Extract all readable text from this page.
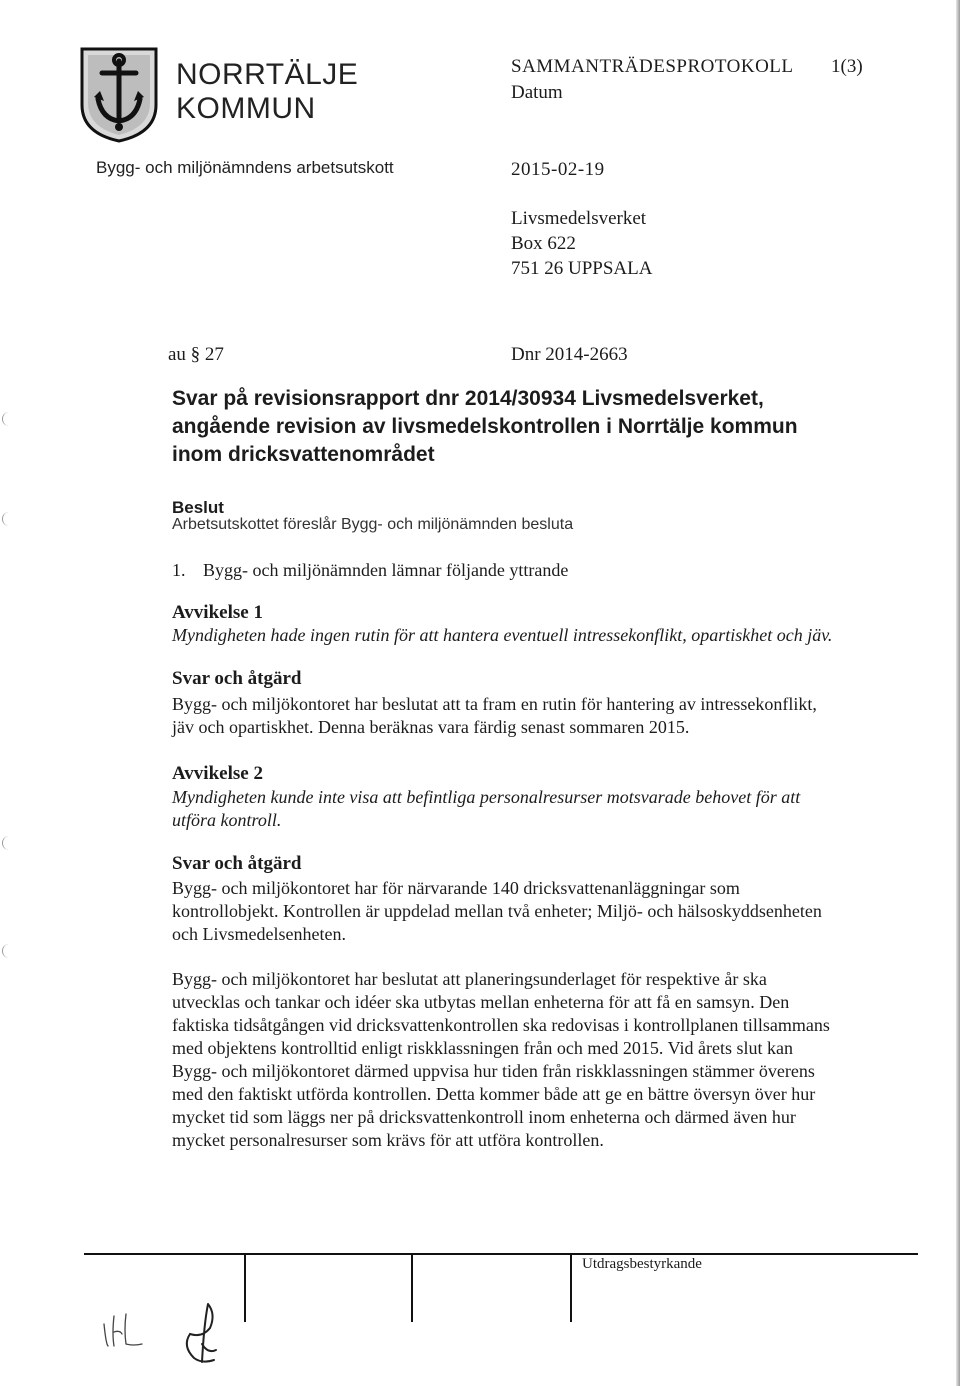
NORRTÄLJE
KOMMUN
Bygg- och miljönämndens arbetsutskott
SAMMANTRÄDESPROTOKOLL 1(3)
Datum
2015-02-19
Livsmedelsverket
Box 622
751 26 UPPSALA
au § 27	Dnr 2014-2663
Svar på revisionsrapport dnr 2014/30934 Livsmedelsverket,
angående revision av livsmedelskontrollen i Norrtälje kommun
inom dricksvattenområdet
Beslut
Arbetsutskottet föreslår Bygg- och miljönämnden besluta
1. Bygg- och miljönämnden lämnar följande yttrande
Avvikelse 1
Myndigheten hade ingen rutin för att hantera eventuell intressekonflikt, opartiskhet och jäv.
Svar och åtgärd
Bygg- och miljökontoret har beslutat att ta fram en rutin för hantering av intressekonflikt,
jäv och opartiskhet. Denna beräknas vara färdig senast sommaren 2015.
Avvikelse 2
Myndigheten kunde inte visa att befintliga personalresurser motsvarade behovet för att
utföra kontroll.
Svar och åtgärd
Bygg- och miljökontoret har för närvarande 140 dricksvattenanläggningar som
kontrollobjekt. Kontrollen är uppdelad mellan två enheter; Miljö- och hälsoskyddsenheten
och Livsmedelsenheten.
Bygg- och miljökontoret har beslutat att planeringsunderlaget för respektive år ska
utvecklas och tankar och idéer ska utbytas mellan enheterna för att få en samsyn. Den
faktiska tidsåtgången vid dricksvattenkontrollen ska redovisas i kontrollplanen tillsammans
med objektens kontrolltid enligt riskklassningen från och med 2015. Vid årets slut kan
Bygg- och miljökontoret därmed uppvisa hur tiden från riskklassningen stämmer överens
med den faktiskt utförda kontrollen. Detta kommer både att ge en bättre översyn över hur
mycket tid som läggs ner på dricksvattenkontroll inom enheterna och därmed även hur
mycket personalresurser som krävs för att utföra kontrollen.
Utdragsbestyrkande
